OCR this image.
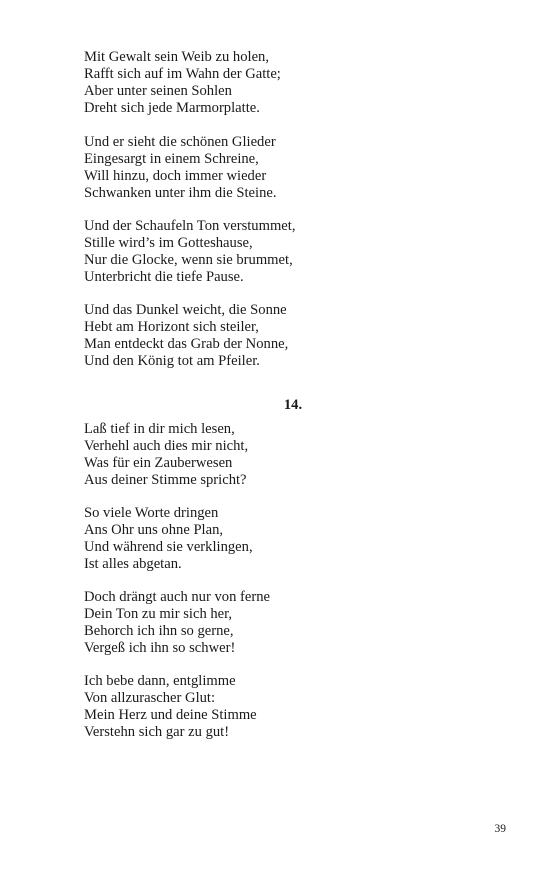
Mit Gewalt sein Weib zu holen,
Rafft sich auf im Wahn der Gatte;
Aber unter seinen Sohlen
Dreht sich jede Marmorplatte.

Und er sieht die schönen Glieder
Eingesargt in einem Schreine,
Will hinzu, doch immer wieder
Schwanken unter ihm die Steine.

Und der Schaufeln Ton verstummet,
Stille wird’s im Gotteshause,
Nur die Glocke, wenn sie brummet,
Unterbricht die tiefe Pause.

Und das Dunkel weicht, die Sonne
Hebt am Horizont sich steiler,
Man entdeckt das Grab der Nonne,
Und den König tot am Pfeiler.

14.

Laß tief in dir mich lesen,
Verhehl auch dies mir nicht,
Was für ein Zauberwesen
Aus deiner Stimme spricht?

So viele Worte dringen
Ans Ohr uns ohne Plan,
Und während sie verklingen,
Ist alles abgetan.

Doch drängt auch nur von ferne
Dein Ton zu mir sich her,
Behorch ich ihn so gerne,
Vergeß ich ihn so schwer!

Ich bebe dann, entglimme
Von allzurascher Glut:
Mein Herz und deine Stimme
Verstehn sich gar zu gut!

39
